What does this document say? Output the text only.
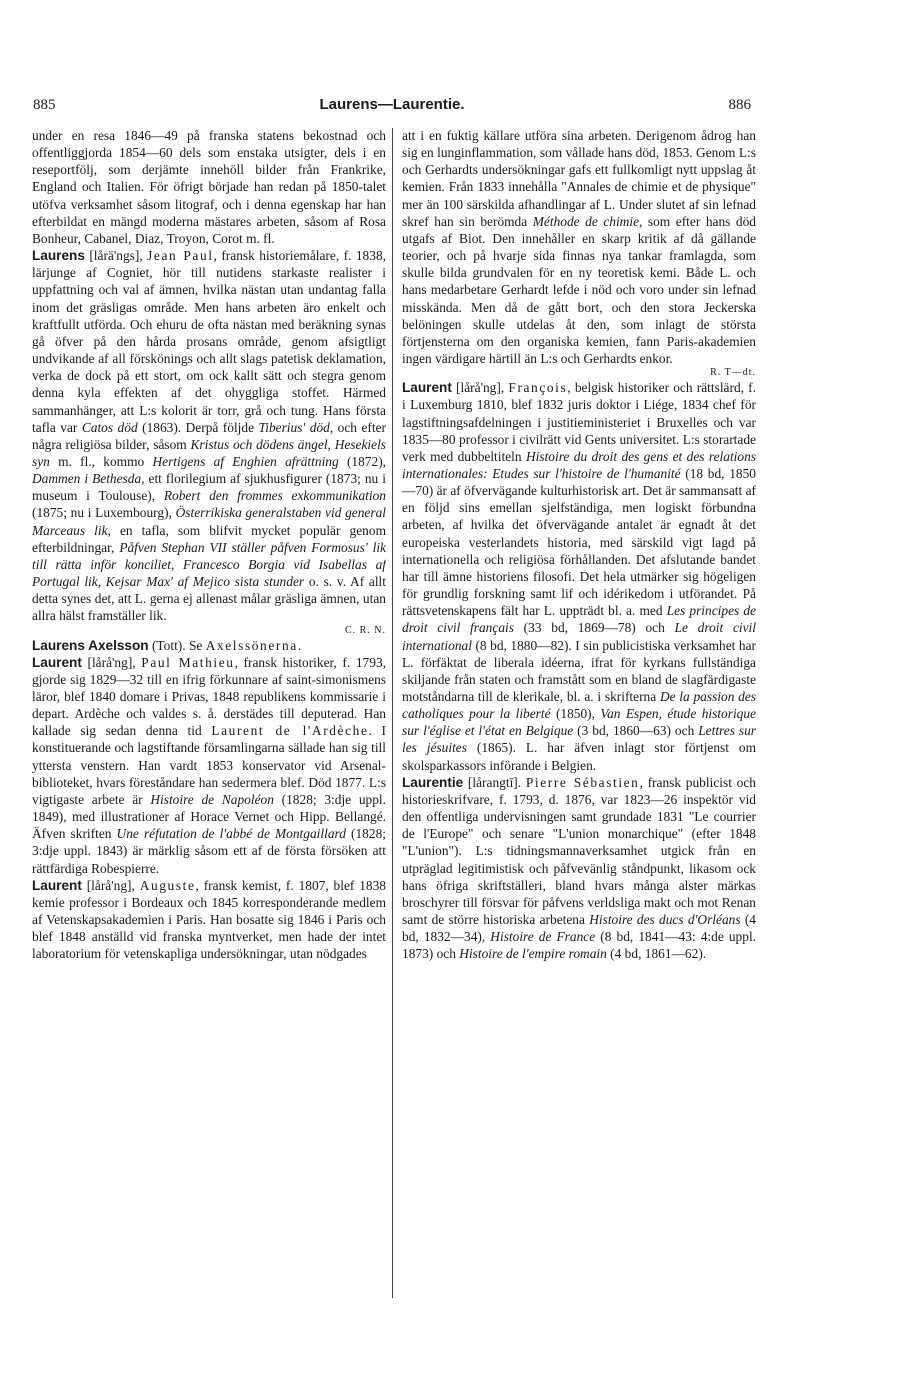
885	Laurens—Laurentie.	886

under en resa 1846—49 på franska statens bekostnad och offentliggjorda 1854—60 dels som enstaka utsigter, dels i en reseportfölj, som derjämte innehöll bilder från Frankrike, England och Italien. För öfrigt började han redan på 1850-talet utöfva verksamhet såsom litograf, och i denna egenskap har han efterbildat en mängd moderna mästares arbeten, såsom af Rosa Bonheur, Cabanel, Diaz, Troyon, Corot m. fl.

Laurens [lårä'ngs], Jean Paul, fransk historiemålare, f. 1838, lärjunge af Cogniet, hör till nutidens starkaste realister i uppfattning och val af ämnen, hvilka nästan utan undantag falla inom det gräsligas område. Men hans arbeten äro enkelt och kraftfullt utförda. Och ehuru de ofta nästan med beräkning synas gå öfver på den hårda prosans område, genom afsigtligt undvikande af all förskönings och allt slags patetisk deklamation, verka de dock på ett stort, om ock kallt sätt och stegra genom denna kyla effekten af det ohyggliga stoffet. Härmed sammanhänger, att L:s kolorit är torr, grå och tung. Hans första tafla var Catos död (1863). Derpå följde Tiberius' död, och efter några religiösa bilder, såsom Kristus och dödens ängel, Hesekiels syn m. fl., kommo Hertigens af Enghien afrättning (1872), Dammen i Bethesda, ett florilegium af sjukhusfigurer (1873; nu i museum i Toulouse), Robert den frommes exkommunikation (1875; nu i Luxembourg), Österrikiska generalstaben vid general Marceaus lik, en tafla, som blifvit mycket populär genom efterbildningar, Påfven Stephan VII ställer påfven Formosus' lik till rätta inför konciliet, Francesco Borgia vid Isabellas af Portugal lik, Kejsar Max' af Mejico sista stunder o. s. v. Af allt detta synes det, att L. gerna ej allenast målar gräsliga ämnen, utan allra hälst framställer lik.
C. R. N.

Laurens Axelsson (Tott). Se Axelssönerna.

Laurent [lårå'ng], Paul Mathieu, fransk historiker, f. 1793, gjorde sig 1829—32 till en ifrig förkunnare af saint-simonismens läror, blef 1840 domare i Privas, 1848 republikens kommissarie i depart. Ardèche och valdes s. å. derstädes till deputerad. Han kallade sig sedan denna tid Laurent de l'Ardèche. I konstituerande och lagstiftande församlingarna sällade han sig till yttersta venstern. Han vardt 1853 konservator vid Arsenal-biblioteket, hvars föreståndare han sedermera blef. Död 1877. L:s vigtigaste arbete är Histoire de Napoléon (1828; 3:dje uppl. 1849), med illustrationer af Horace Vernet och Hipp. Bellangé. Äfven skriften Une réfutation de l'abbé de Montgaillard (1828; 3:dje uppl. 1843) är märklig såsom ett af de första försöken att rättfärdiga Robespierre.

Laurent [lårå'ng], Auguste, fransk kemist, f. 1807, blef 1838 kemie professor i Bordeaux och 1845 korresponderande medlem af Vetenskapsakademien i Paris. Han bosatte sig 1846 i Paris och blef 1848 anställd vid franska myntverket, men hade der intet laboratorium för vetenskapliga undersökningar, utan nödgades

att i en fuktig källare utföra sina arbeten. Derigenom ådrog han sig en lunginflammation, som vållade hans död, 1853. Genom L:s och Gerhardts undersökningar gafs ett fullkomligt nytt uppslag åt kemien. Från 1833 innehålla "Annales de chimie et de physique" mer än 100 särskilda afhandlingar af L. Under slutet af sin lefnad skref han sin berömda Méthode de chimie, som efter hans död utgafs af Biot. Den innehåller en skarp kritik af då gällande teorier, och på hvarje sida finnas nya tankar framlagda, som skulle bilda grundvalen för en ny teoretisk kemi. Både L. och hans medarbetare Gerhardt lefde i nöd och voro under sin lefnad misskända. Men då de gått bort, och den stora Jeckerska belöningen skulle utdelas åt den, som inlagt de största förtjensterna om den organiska kemien, fann Paris-akademien ingen värdigare härtill än L:s och Gerhardts enkor.
R. T—dt.

Laurent [lårå'ng], François, belgisk historiker och rättslärd, f. i Luxemburg 1810, blef 1832 juris doktor i Liége, 1834 chef för lagstiftningsafdelningen i justitieministeriet i Bruxelles och var 1835—80 professor i civilrätt vid Gents universitet. L:s storartade verk med dubbeltiteln Histoire du droit des gens et des relations internationales: Etudes sur l'histoire de l'humanité (18 bd, 1850—70) är af öfvervägande kulturhistorisk art. Det är sammansatt af en följd sins emellan sjelfständiga, men logiskt förbundna arbeten, af hvilka det öfvervägande antalet är egnadt åt det europeiska vesterlandets historia, med särskild vigt lagd på internationella och religiösa förhållanden. Det afslutande bandet har till ämne historiens filosofi. Det hela utmärker sig högeligen för grundlig forskning samt lif och idérikedom i utförandet. På rättsvetenskapens fält har L. uppträdt bl. a. med Les principes de droit civil français (33 bd, 1869—78) och Le droit civil international (8 bd, 1880—82). I sin publicistiska verksamhet har L. förfäktat de liberala idéerna, ifrat för kyrkans fullständiga skiljande från staten och framstått som en bland de slagfärdigaste motståndarna till de klerikale, bl. a. i skrifterna De la passion des catholiques pour la liberté (1850), Van Espen, étude historique sur l'église et l'état en Belgique (3 bd, 1860—63) och Lettres sur les jésuites (1865). L. har äfven inlagt stor förtjenst om skolsparkassors införande i Belgien.

Laurentie [lårangtī]. Pierre Sébastien, fransk publicist och historieskrifvare, f. 1793, d. 1876, var 1823—26 inspektör vid den offentliga undervisningen samt grundade 1831 "Le courrier de l'Europe" och senare "L'union monarchique" (efter 1848 "L'union"). L:s tidningsmannaverksamhet utgick från en utpräglad legitimistisk och påfvevänlig ståndpunkt, likasom ock hans öfriga skriftställeri, bland hvars många alster märkas broschyrer till försvar för påfvens verldsliga makt och mot Renan samt de större historiska arbetena Histoire des ducs d'Orléans (4 bd, 1832—34), Histoire de France (8 bd, 1841—43: 4:de uppl. 1873) och Histoire de l'empire romain (4 bd, 1861—62).
